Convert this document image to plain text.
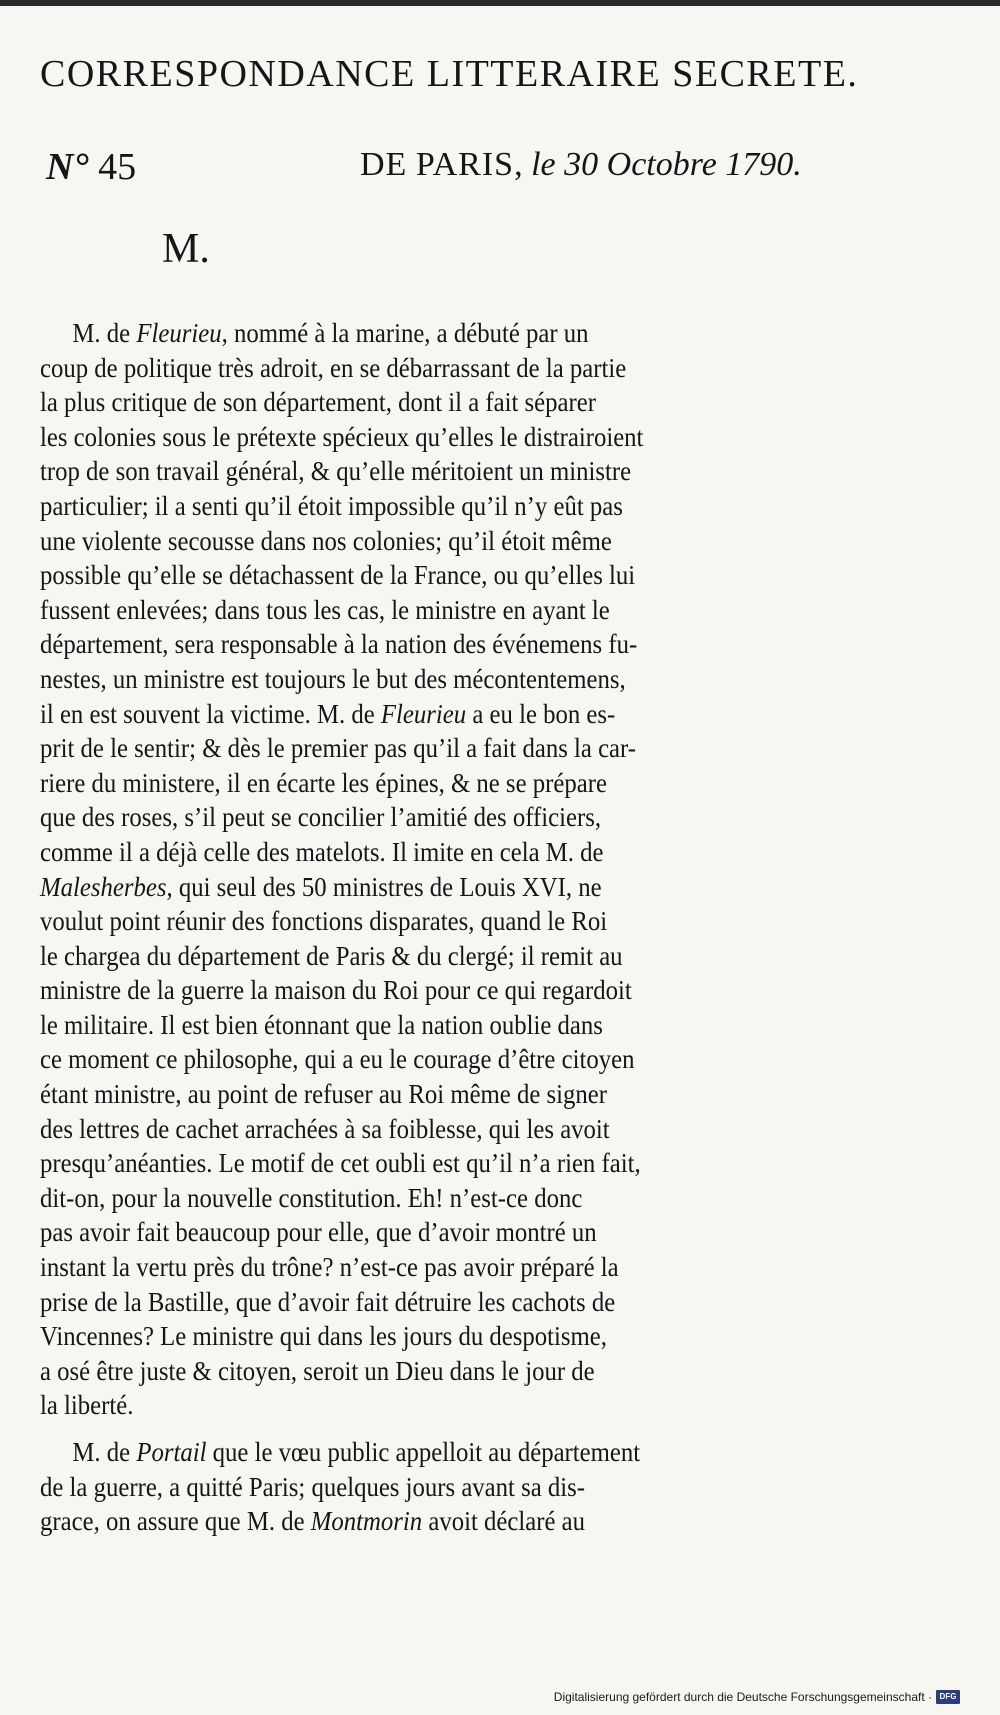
CORRESPONDANCE LITTERAIRE SECRETE.
N° 45	DE PARIS, le 30 Octobre 1790.
M.
M. de Fleurieu, nommé à la marine, a débuté par un
coup de politique très adroit, en se débarrassant de la partie
la plus critique de son département, dont il a fait séparer
les colonies sous le prétexte spécieux qu’elles le distrairoient
trop de son travail général, & qu’elle méritoient un ministre
particulier; il a senti qu’il étoit impossible qu’il n’y eût pas
une violente secousse dans nos colonies; qu’il étoit même
possible qu’elle se détachassent de la France, ou qu’elles lui
fussent enlevées; dans tous les cas, le ministre en ayant le
département, sera responsable à la nation des événemens fu-
nestes, un ministre est toujours le but des mécontentemens,
il en est souvent la victime. M. de Fleurieu a eu le bon es-
prit de le sentir; & dès le premier pas qu’il a fait dans la car-
riere du ministere, il en écarte les épines, & ne se prépare
que des roses, s’il peut se concilier l’amitié des officiers,
comme il a déjà celle des matelots. Il imite en cela M. de
Malesherbes, qui seul des 50 ministres de Louis XVI, ne
voulut point réunir des fonctions disparates, quand le Roi
le chargea du département de Paris & du clergé; il remit au
ministre de la guerre la maison du Roi pour ce qui regardoit
le militaire. Il est bien étonnant que la nation oublie dans
ce moment ce philosophe, qui a eu le courage d’être citoyen
étant ministre, au point de refuser au Roi même de signer
des lettres de cachet arrachées à sa foiblesse, qui les avoit
presqu’anéanties. Le motif de cet oubli est qu’il n’a rien fait,
dit-on, pour la nouvelle constitution. Eh! n’est-ce donc
pas avoir fait beaucoup pour elle, que d’avoir montré un
instant la vertu près du trône? n’est-ce pas avoir préparé la
prise de la Bastille, que d’avoir fait détruire les cachots de
Vincennes? Le ministre qui dans les jours du despotisme,
a osé être juste & citoyen, seroit un Dieu dans le jour de
la liberté.
M. de Portail que le vœu public appelloit au département
de la guerre, a quitté Paris; quelques jours avant sa dis-
grace, on assure que M. de Montmorin avoit déclaré au
Digitalisierung gefördert durch die Deutsche Forschungsgemeinschaft · DFG
